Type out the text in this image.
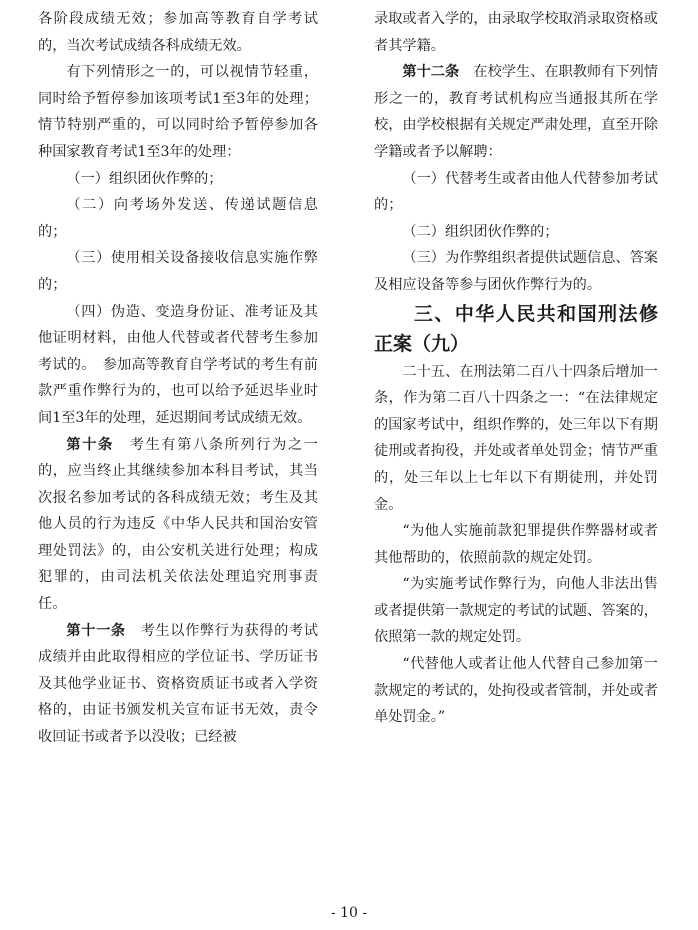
各阶段成绩无效；参加高等教育自学考试的，当次考试成绩各科成绩无效。

有下列情形之一的，可以视情节轻重，同时给予暂停参加该项考试1至3年的处理；情节特别严重的，可以同时给予暂停参加各种国家教育考试1至3年的处理：

（一）组织团伙作弊的；

（二）向考场外发送、传递试题信息的；

（三）使用相关设备接收信息实施作弊的；

（四）伪造、变造身份证、准考证及其他证明材料，由他人代替或者代替考生参加考试的。　参加高等教育自学考试的考生有前款严重作弊行为的，也可以给予延迟毕业时间1至3年的处理，延迟期间考试成绩无效。

第十条　考生有第八条所列行为之一的，应当终止其继续参加本科目考试，其当次报名参加考试的各科成绩无效；考生及其他人员的行为违反《中华人民共和国治安管理处罚法》的，由公安机关进行处理；构成犯罪的，由司法机关依法处理追究刑事责任。

第十一条　考生以作弊行为获得的考试成绩并由此取得相应的学位证书、学历证书及其他学业证书、资格资质证书或者入学资格的，由证书颁发机关宣布证书无效，责令收回证书或者予以没收；已经被

录取或者入学的，由录取学校取消录取资格或者其学籍。

第十二条　在校学生、在职教师有下列情形之一的，教育考试机构应当通报其所在学校，由学校根据有关规定严肃处理，直至开除学籍或者予以解聘：

（一）代替考生或者由他人代替参加考试的；

（二）组织团伙作弊的；

（三）为作弊组织者提供试题信息、答案及相应设备等参与团伙作弊行为的。

三、中华人民共和国刑法修正案（九）

二十五、在刑法第二百八十四条后增加一条，作为第二百八十四条之一：“在法律规定的国家考试中，组织作弊的，处三年以下有期徒刑或者拘役，并处或者单处罚金；情节严重的，处三年以上七年以下有期徒刑，并处罚金。

“为他人实施前款犯罪提供作弊器材或者其他帮助的，依照前款的规定处罚。

“为实施考试作弊行为，向他人非法出售或者提供第一款规定的考试的试题、答案的，依照第一款的规定处罚。

“代替他人或者让他人代替自己参加第一款规定的考试的，处拘役或者管制，并处或者单处罚金。”

- 10 -
